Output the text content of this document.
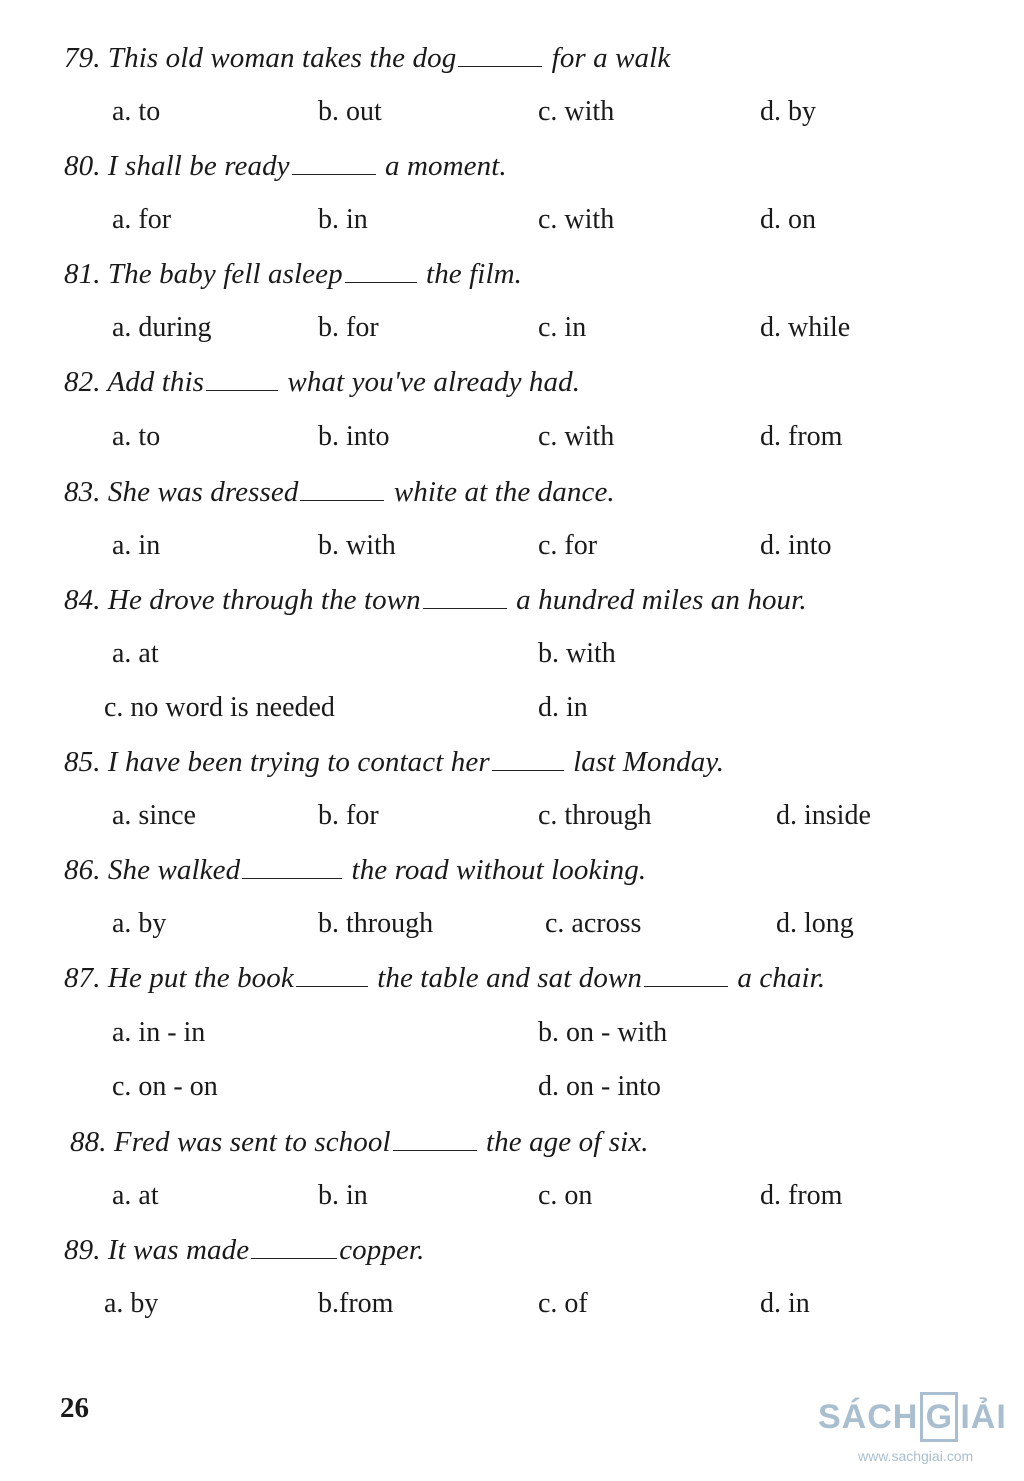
79. This old woman takes the dog	for a walk
a. to	b. out	c. with	d. by
80. I shall be ready	a moment.
a. for	b. in	c. with	d. on
81. The baby fell asleep	the film.
a. during	b. for	c. in	d. while
82. Add this	what you've already had.
a. to	b. into	c. with	d. from
83. She was dressed	white at the dance.
a. in	b. with	c. for	d. into
84. He drove through the town	a hundred miles an hour.
a. at	b. with
c. no word is needed	d. in
85. I have been trying to contact her	last Monday.
a. since	b. for	c. through	d. inside
86. She walked	the road without looking.
a. by	b. through	c. across	d. long
87. He put the book	the table and sat down	a chair.
a. in - in	b. on - with
c. on - on	d. on - into
88. Fred was sent to school	the age of six.
a. at	b. in	c. on	d. from
89. It was made	copper.
a. by	b.from	c. of	d. in
26	SÁCH G IẢI
www.sachgiai.com
